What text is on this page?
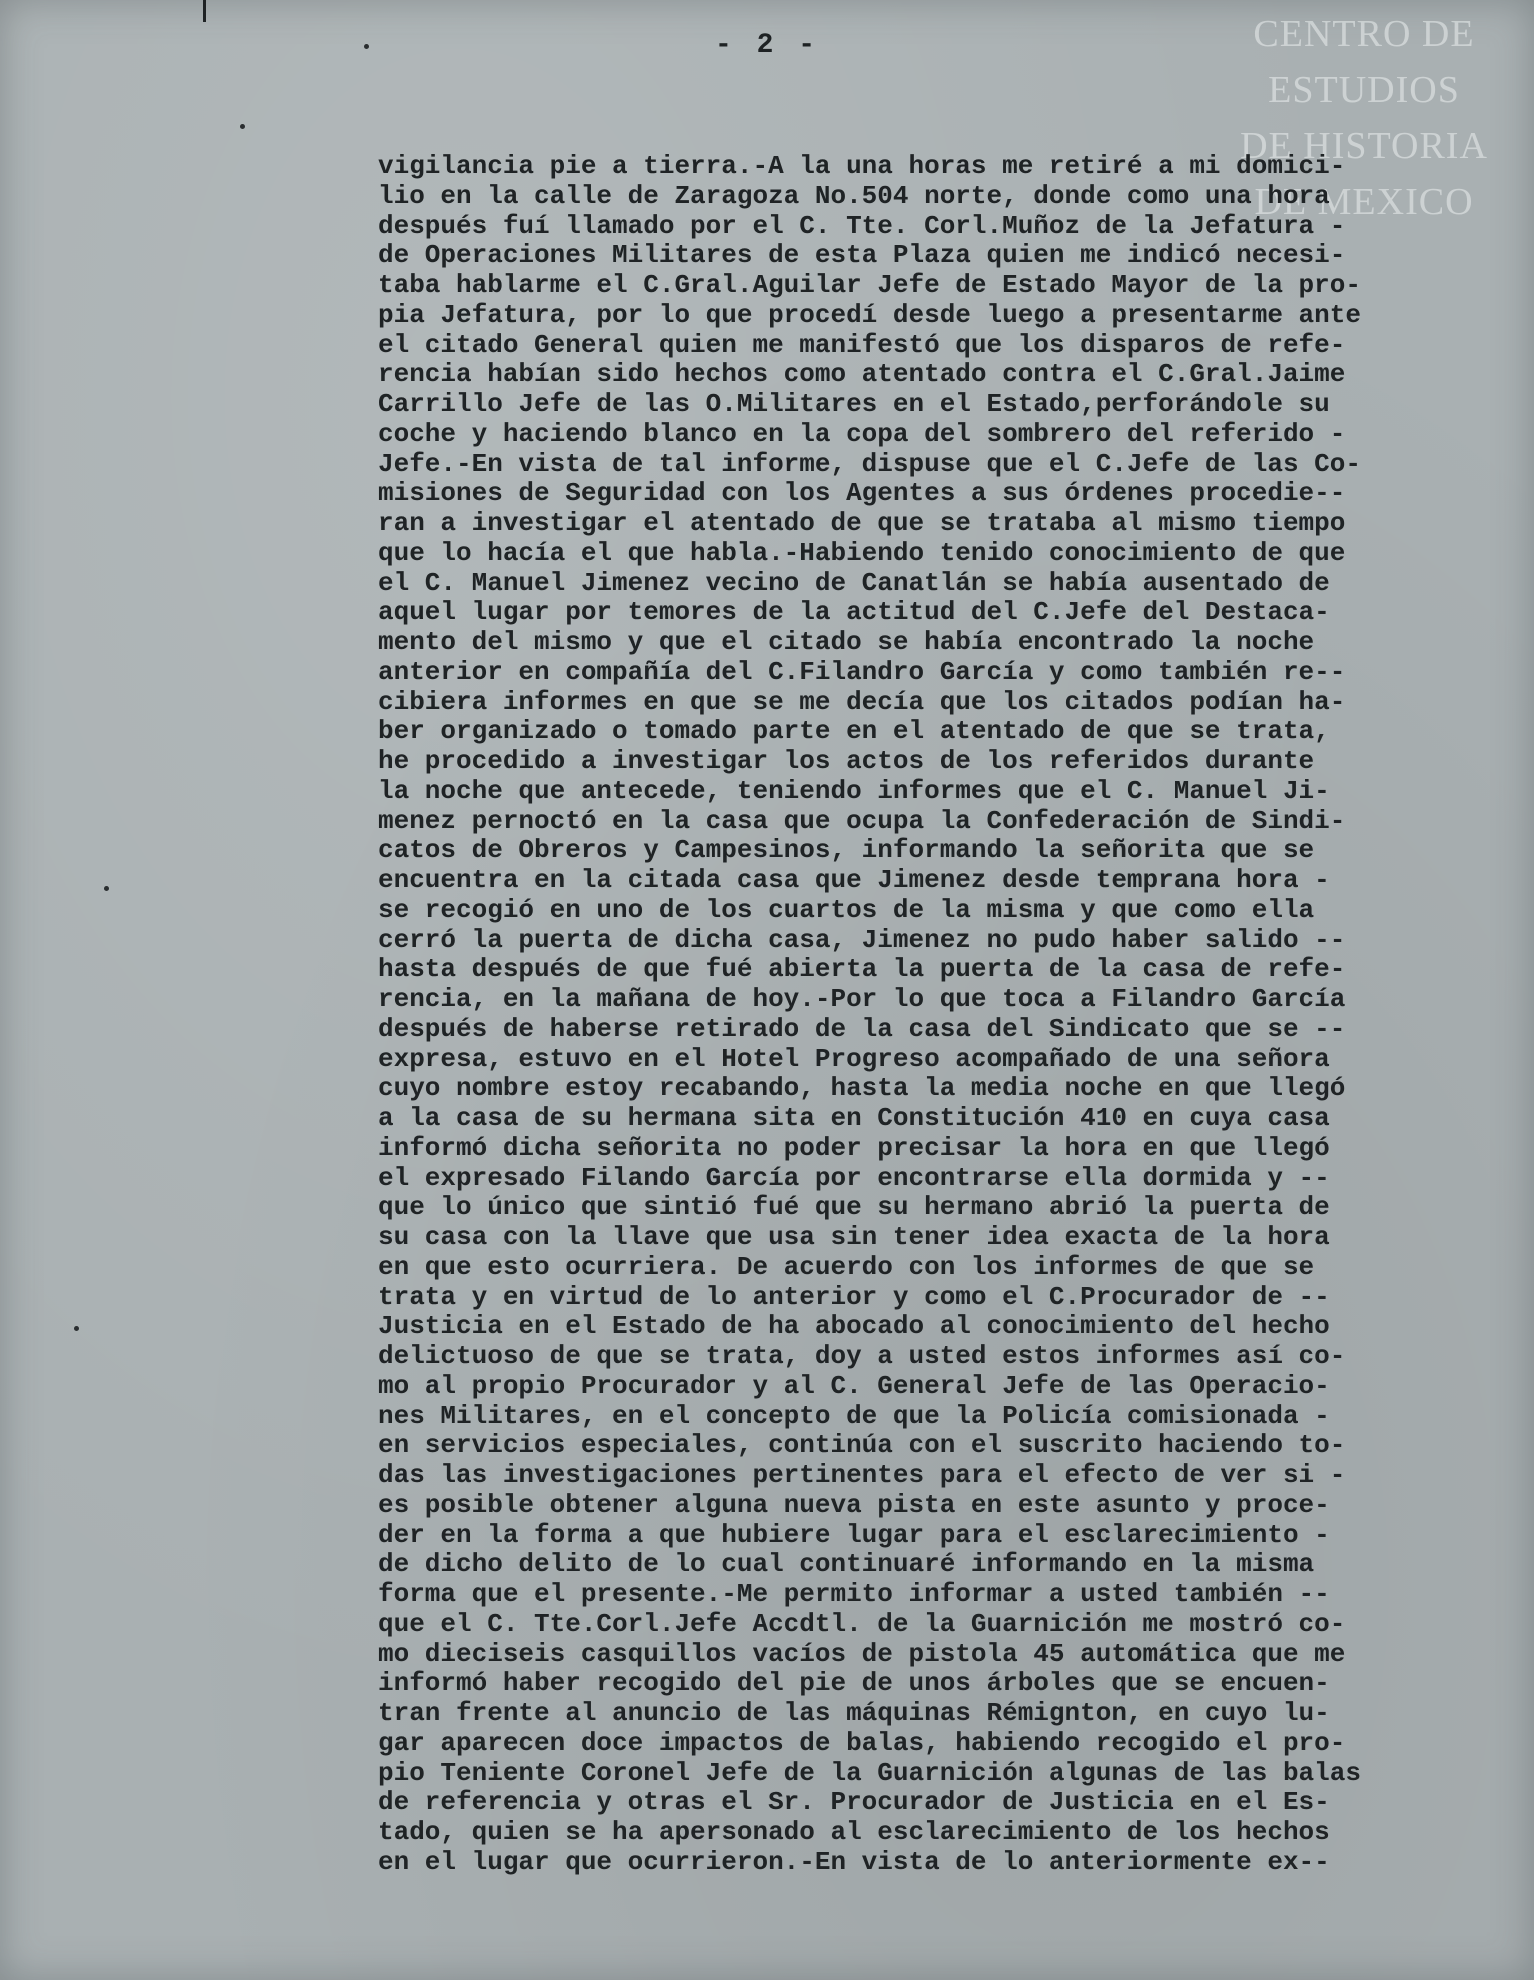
CENTRO DE
ESTUDIOS
DE HISTORIA
DE MEXICO
- 2 -
vigilancia pie a tierra.-A la una horas me retiré a mi domici-
lio en la calle de Zaragoza No.504 norte, donde como una hora
después fuí llamado por el C. Tte. Corl.Muñoz de la Jefatura -
de Operaciones Militares de esta Plaza quien me indicó necesi-
taba hablarme el C.Gral.Aguilar Jefe de Estado Mayor de la pro-
pia Jefatura, por lo que procedí desde luego a presentarme ante
el citado General quien me manifestó que los disparos de refe-
rencia habían sido hechos como atentado contra el C.Gral.Jaime
Carrillo Jefe de las O.Militares en el Estado,perforándole su
coche y haciendo blanco en la copa del sombrero del referido -
Jefe.-En vista de tal informe, dispuse que el C.Jefe de las Co-
misiones de Seguridad con los Agentes a sus órdenes procedie--
ran a investigar el atentado de que se trataba al mismo tiempo
que lo hacía el que habla.-Habiendo tenido conocimiento de que
el C. Manuel Jimenez vecino de Canatlán se había ausentado de
aquel lugar por temores de la actitud del C.Jefe del Destaca-
mento del mismo y que el citado se había encontrado la noche
anterior en compañía del C.Filandro García y como también re--
cibiera informes en que se me decía que los citados podían ha-
ber organizado o tomado parte en el atentado de que se trata,
he procedido a investigar los actos de los referidos durante
la noche que antecede, teniendo informes que el C. Manuel Ji-
menez pernoctó en la casa que ocupa la Confederación de Sindi-
catos de Obreros y Campesinos, informando la señorita que se
encuentra en la citada casa que Jimenez desde temprana hora -
se recogió en uno de los cuartos de la misma y que como ella
cerró la puerta de dicha casa, Jimenez no pudo haber salido --
hasta después de que fué abierta la puerta de la casa de refe-
rencia, en la mañana de hoy.-Por lo que toca a Filandro García
después de haberse retirado de la casa del Sindicato que se --
expresa, estuvo en el Hotel Progreso acompañado de una señora
cuyo nombre estoy recabando, hasta la media noche en que llegó
a la casa de su hermana sita en Constitución 410 en cuya casa
informó dicha señorita no poder precisar la hora en que llegó
el expresado Filando García por encontrarse ella dormida y --
que lo único que sintió fué que su hermano abrió la puerta de
su casa con la llave que usa sin tener idea exacta de la hora
en que esto ocurriera. De acuerdo con los informes de que se
trata y en virtud de lo anterior y como el C.Procurador de --
Justicia en el Estado de ha abocado al conocimiento del hecho
delictuoso de que se trata, doy a usted estos informes así co-
mo al propio Procurador y al C. General Jefe de las Operacio-
nes Militares, en el concepto de que la Policía comisionada -
en servicios especiales, continúa con el suscrito haciendo to-
das las investigaciones pertinentes para el efecto de ver si -
es posible obtener alguna nueva pista en este asunto y proce-
der en la forma a que hubiere lugar para el esclarecimiento -
de dicho delito de lo cual continuaré informando en la misma
forma que el presente.-Me permito informar a usted también --
que el C. Tte.Corl.Jefe Accdtl. de la Guarnición me mostró co-
mo dieciseis casquillos vacíos de pistola 45 automática que me
informó haber recogido del pie de unos árboles que se encuen-
tran frente al anuncio de las máquinas Rémignton, en cuyo lu-
gar aparecen doce impactos de balas, habiendo recogido el pro-
pio Teniente Coronel Jefe de la Guarnición algunas de las balas
de referencia y otras el Sr. Procurador de Justicia en el Es-
tado, quien se ha apersonado al esclarecimiento de los hechos
en el lugar que ocurrieron.-En vista de lo anteriormente ex--
